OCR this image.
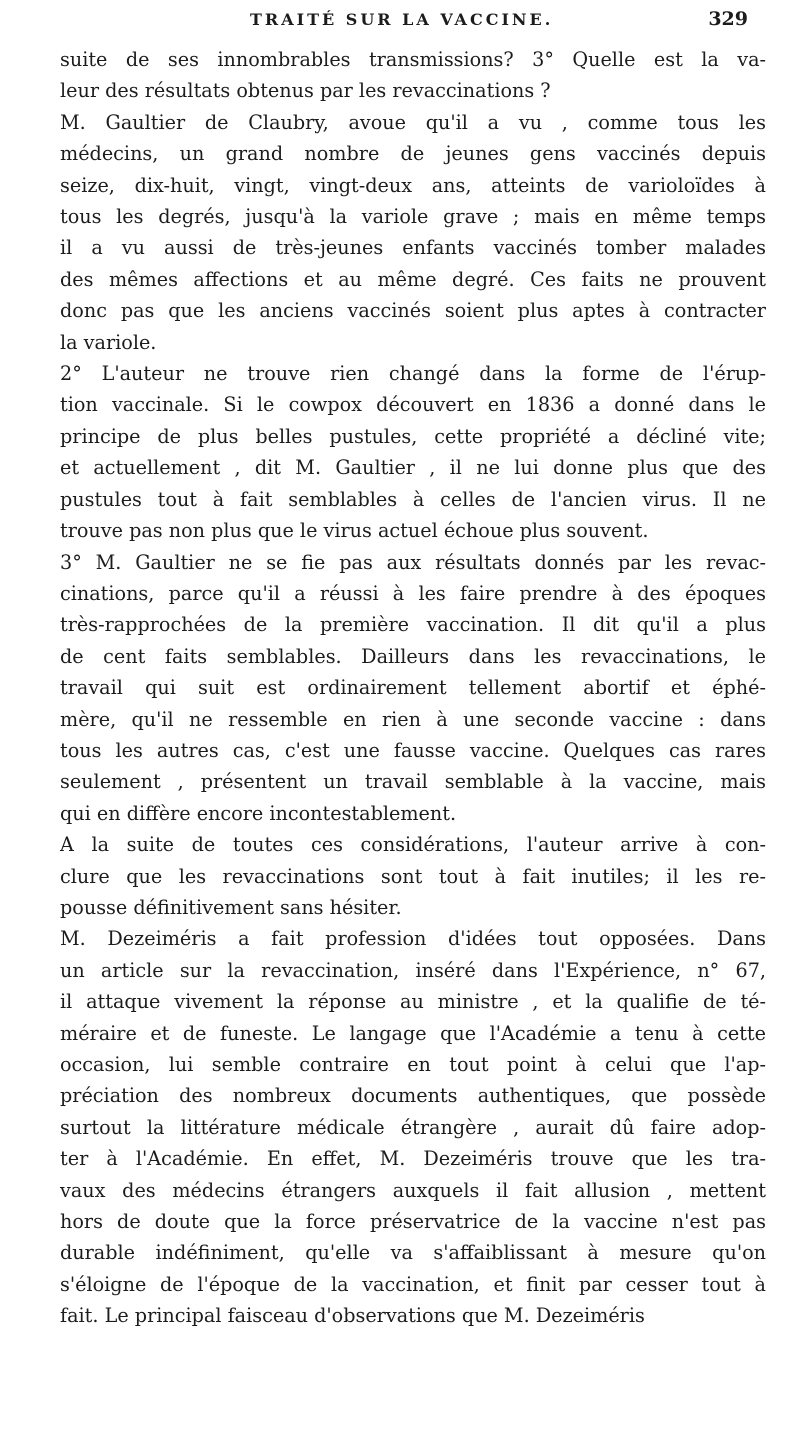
TRAITÉ SUR LA VACCINE.	329
suite de ses innombrables transmissions? 3° Quelle est la va-
leur des résultats obtenus par les revaccinations ?
M. Gaultier de Claubry, avoue qu'il a vu , comme tous les
médecins, un grand nombre de jeunes gens vaccinés depuis
seize, dix-huit, vingt, vingt-deux ans, atteints de varioloïdes à
tous les degrés, jusqu'à la variole grave ; mais en même temps
il a vu aussi de très-jeunes enfants vaccinés tomber malades
des mêmes affections et au même degré. Ces faits ne prouvent
donc pas que les anciens vaccinés soient plus aptes à contracter
la variole.
2° L'auteur ne trouve rien changé dans la forme de l'érup-
tion vaccinale. Si le cowpox découvert en 1836 a donné dans le
principe de plus belles pustules, cette propriété a décliné vite;
et actuellement , dit M. Gaultier , il ne lui donne plus que des
pustules tout à fait semblables à celles de l'ancien virus. Il ne
trouve pas non plus que le virus actuel échoue plus souvent.
3° M. Gaultier ne se fie pas aux résultats donnés par les revac-
cinations, parce qu'il a réussi à les faire prendre à des époques
très-rapprochées de la première vaccination. Il dit qu'il a plus
de cent faits semblables. Dailleurs dans les revaccinations, le
travail qui suit est ordinairement tellement abortif et éphé-
mère, qu'il ne ressemble en rien à une seconde vaccine : dans
tous les autres cas, c'est une fausse vaccine. Quelques cas rares
seulement , présentent un travail semblable à la vaccine, mais
qui en diffère encore incontestablement.
A la suite de toutes ces considérations, l'auteur arrive à con-
clure que les revaccinations sont tout à fait inutiles; il les re-
pousse définitivement sans hésiter.
M. Dezeiméris a fait profession d'idées tout opposées. Dans
un article sur la revaccination, inséré dans l'Expérience, n° 67,
il attaque vivement la réponse au ministre , et la qualifie de té-
méraire et de funeste. Le langage que l'Académie a tenu à cette
occasion, lui semble contraire en tout point à celui que l'ap-
préciation des nombreux documents authentiques, que possède
surtout la littérature médicale étrangère , aurait dû faire adop-
ter à l'Académie. En effet, M. Dezeiméris trouve que les tra-
vaux des médecins étrangers auxquels il fait allusion , mettent
hors de doute que la force préservatrice de la vaccine n'est pas
durable indéfiniment, qu'elle va s'affaiblissant à mesure qu'on
s'éloigne de l'époque de la vaccination, et finit par cesser tout à
fait. Le principal faisceau d'observations que M. Dezeiméris
